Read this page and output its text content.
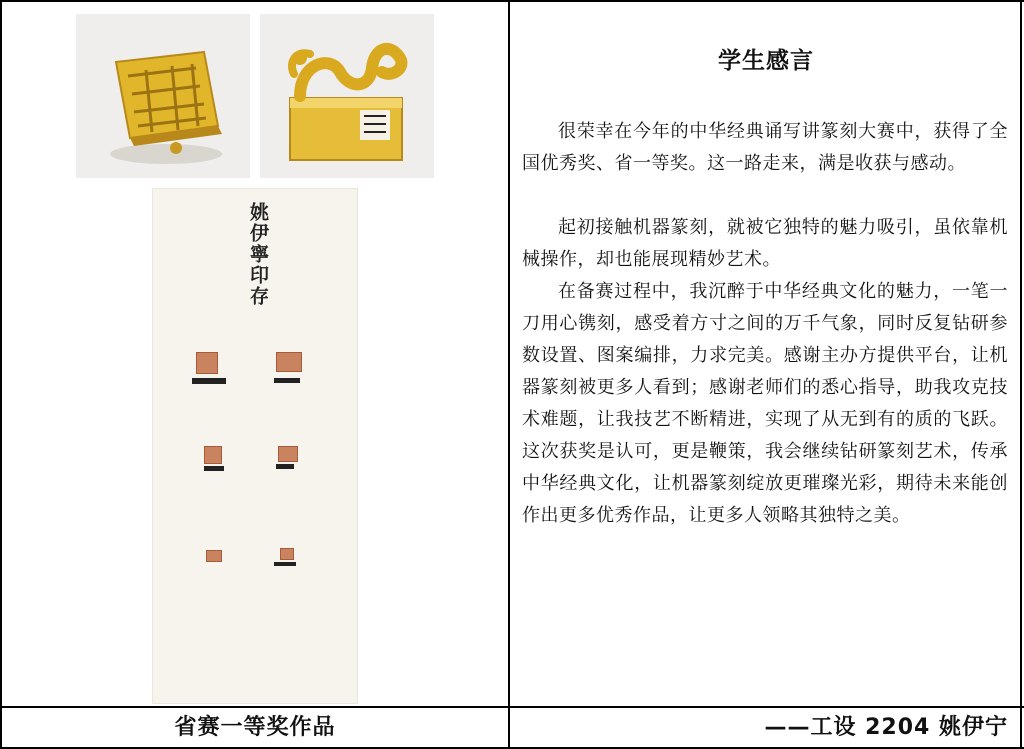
姚伊寧印存
学生感言

很荣幸在今年的中华经典诵写讲篆刻大赛中，获得了全国优秀奖、省一等奖。这一路走来，满是收获与感动。

起初接触机器篆刻，就被它独特的魅力吸引，虽依靠机械操作，却也能展现精妙艺术。

在备赛过程中，我沉醉于中华经典文化的魅力，一笔一刀用心镌刻，感受着方寸之间的万千气象，同时反复钻研参数设置、图案编排，力求完美。感谢主办方提供平台，让机器篆刻被更多人看到；感谢老师们的悉心指导，助我攻克技术难题，让我技艺不断精进，实现了从无到有的质的飞跃。这次获奖是认可，更是鞭策，我会继续钻研篆刻艺术，传承中华经典文化，让机器篆刻绽放更璀璨光彩，期待未来能创作出更多优秀作品，让更多人领略其独特之美。

省赛一等奖作品	——工设 2204 姚伊宁
